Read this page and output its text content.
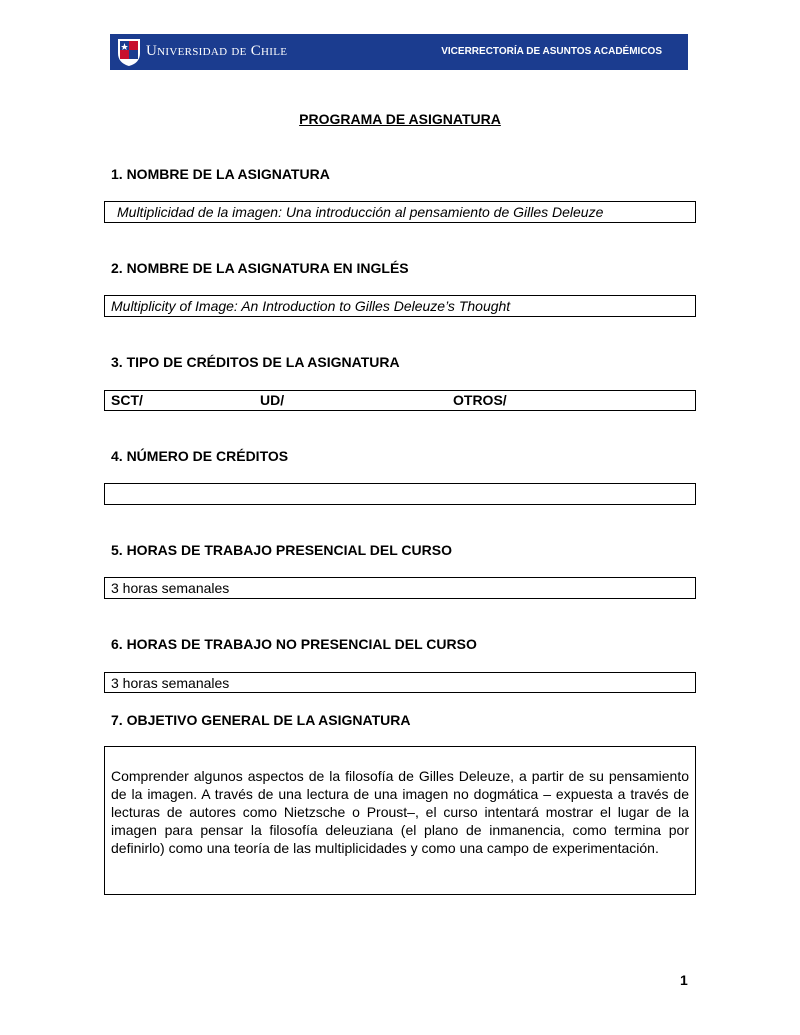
Universidad de Chile	VICERRECTORÍA DE ASUNTOS ACADÉMICOS
PROGRAMA DE ASIGNATURA
1. NOMBRE DE LA ASIGNATURA
Multiplicidad de la imagen: Una introducción al pensamiento de Gilles Deleuze
2. NOMBRE DE LA ASIGNATURA EN INGLÉS
Multiplicity of Image: An Introduction to Gilles Deleuze’s Thought
3. TIPO DE CRÉDITOS DE LA ASIGNATURA
SCT/	UD/	OTROS/
4. NÚMERO DE CRÉDITOS
5. HORAS DE TRABAJO PRESENCIAL DEL CURSO
3 horas semanales
6. HORAS DE TRABAJO NO PRESENCIAL DEL CURSO
3 horas semanales
7. OBJETIVO GENERAL DE LA ASIGNATURA
Comprender algunos aspectos de la filosofía de Gilles Deleuze, a partir de su pensamiento de la imagen. A través de una lectura de una imagen no dogmática – expuesta a través de lecturas de autores como Nietzsche o Proust–, el curso intentará mostrar el lugar de la imagen para pensar la filosofía deleuziana (el plano de inmanencia, como termina por definirlo) como una teoría de las multiplicidades y como una campo de experimentación.
1
